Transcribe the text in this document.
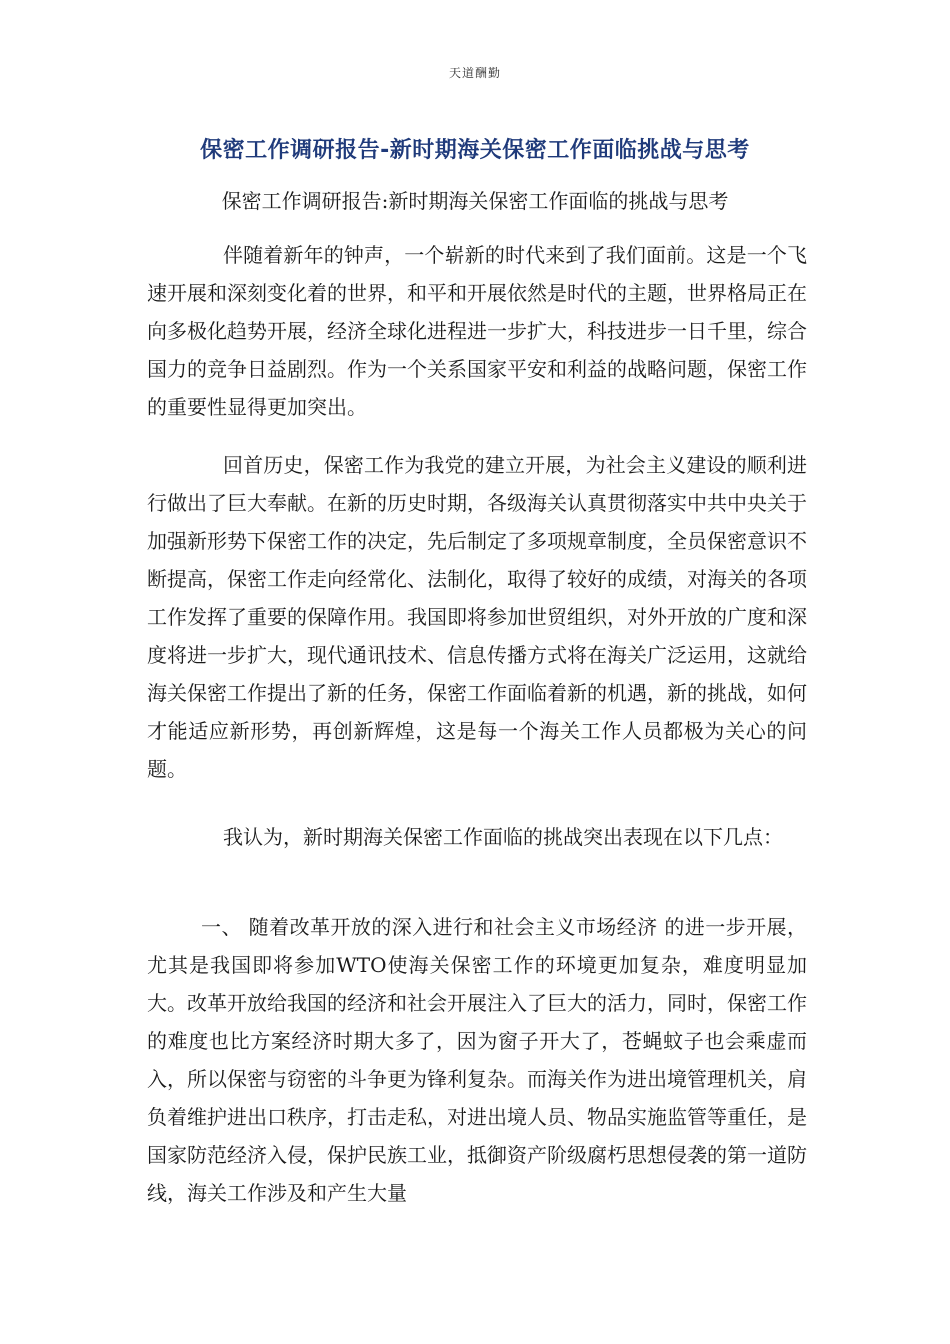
天道酬勤
保密工作调研报告-新时期海关保密工作面临挑战与思考
保密工作调研报告:新时期海关保密工作面临的挑战与思考

伴随着新年的钟声，一个崭新的时代来到了我们面前。这是一个飞速开展和深刻变化着的世界，和平和开展依然是时代的主题，世界格局正在向多极化趋势开展，经济全球化进程进一步扩大，科技进步一日千里，综合国力的竞争日益剧烈。作为一个关系国家平安和利益的战略问题，保密工作的重要性显得更加突出。

回首历史，保密工作为我党的建立开展，为社会主义建设的顺利进行做出了巨大奉献。在新的历史时期，各级海关认真贯彻落实中共中央关于加强新形势下保密工作的决定，先后制定了多项规章制度，全员保密意识不断提高，保密工作走向经常化、法制化，取得了较好的成绩，对海关的各项工作发挥了重要的保障作用。我国即将参加世贸组织，对外开放的广度和深度将进一步扩大，现代通讯技术、信息传播方式将在海关广泛运用，这就给海关保密工作提出了新的任务，保密工作面临着新的机遇，新的挑战，如何才能适应新形势，再创新辉煌，这是每一个海关工作人员都极为关心的问题。

我认为，新时期海关保密工作面临的挑战突出表现在以下几点：

一、 随着改革开放的深入进行和社会主义市场经济 的进一步开展，尤其是我国即将参加WTO使海关保密工作的环境更加复杂，难度明显加大。改革开放给我国的经济和社会开展注入了巨大的活力，同时，保密工作的难度也比方案经济时期大多了，因为窗子开大了，苍蝇蚊子也会乘虚而入，所以保密与窃密的斗争更为锋利复杂。而海关作为进出境管理机关，肩负着维护进出口秩序，打击走私，对进出境人员、物品实施监管等重任，是国家防范经济入侵，保护民族工业，抵御资产阶级腐朽思想侵袭的第一道防线，海关工作涉及和产生大量
